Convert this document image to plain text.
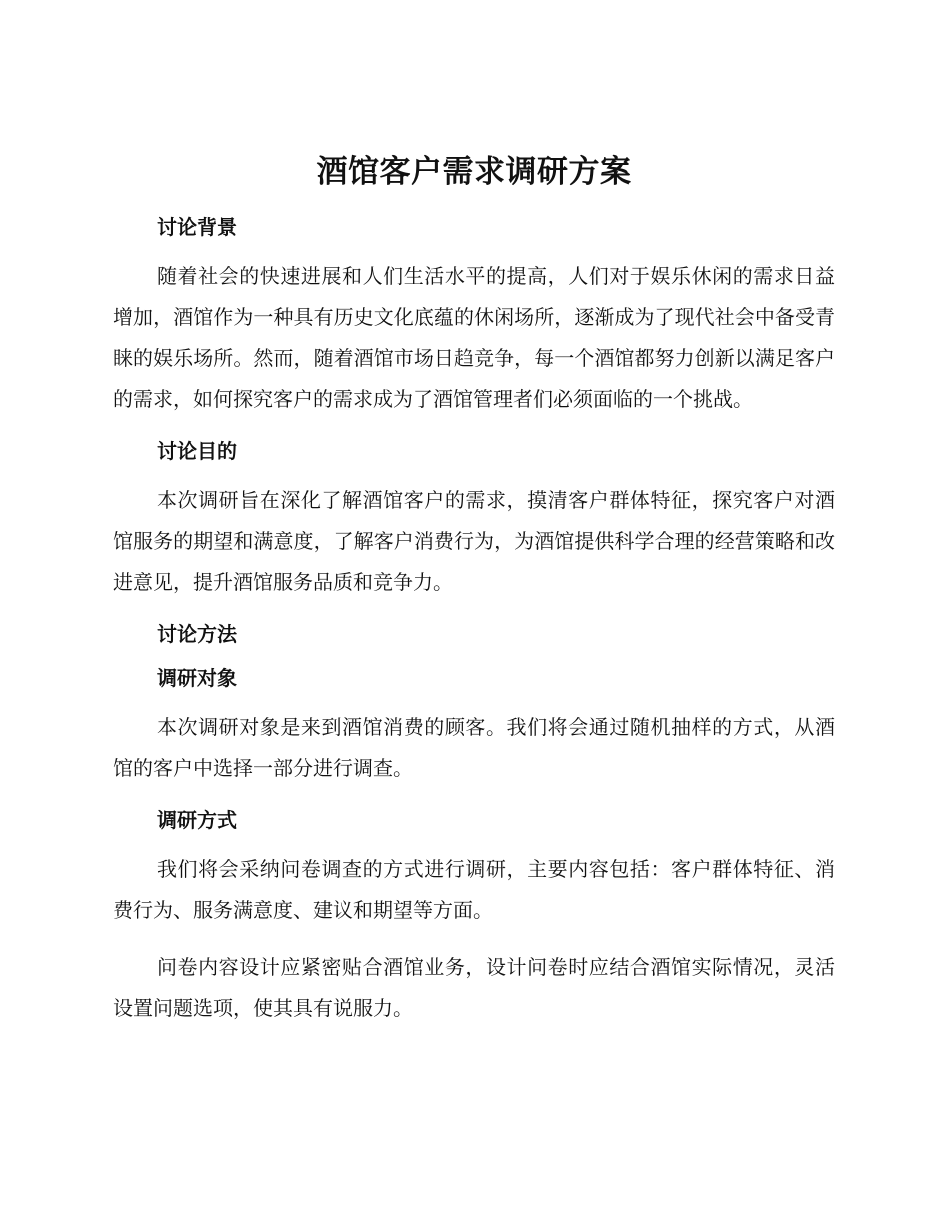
酒馆客户需求调研方案
讨论背景

随着社会的快速进展和人们生活水平的提高，人们对于娱乐休闲的需求日益增加，酒馆作为一种具有历史文化底蕴的休闲场所，逐渐成为了现代社会中备受青睐的娱乐场所。然而，随着酒馆市场日趋竞争，每一个酒馆都努力创新以满足客户的需求，如何探究客户的需求成为了酒馆管理者们必须面临的一个挑战。

讨论目的

本次调研旨在深化了解酒馆客户的需求，摸清客户群体特征，探究客户对酒馆服务的期望和满意度，了解客户消费行为，为酒馆提供科学合理的经营策略和改进意见，提升酒馆服务品质和竞争力。

讨论方法
调研对象

本次调研对象是来到酒馆消费的顾客。我们将会通过随机抽样的方式，从酒馆的客户中选择一部分进行调查。

调研方式

我们将会采纳问卷调查的方式进行调研，主要内容包括：客户群体特征、消费行为、服务满意度、建议和期望等方面。

问卷内容设计应紧密贴合酒馆业务，设计问卷时应结合酒馆实际情况，灵活设置问题选项，使其具有说服力。
